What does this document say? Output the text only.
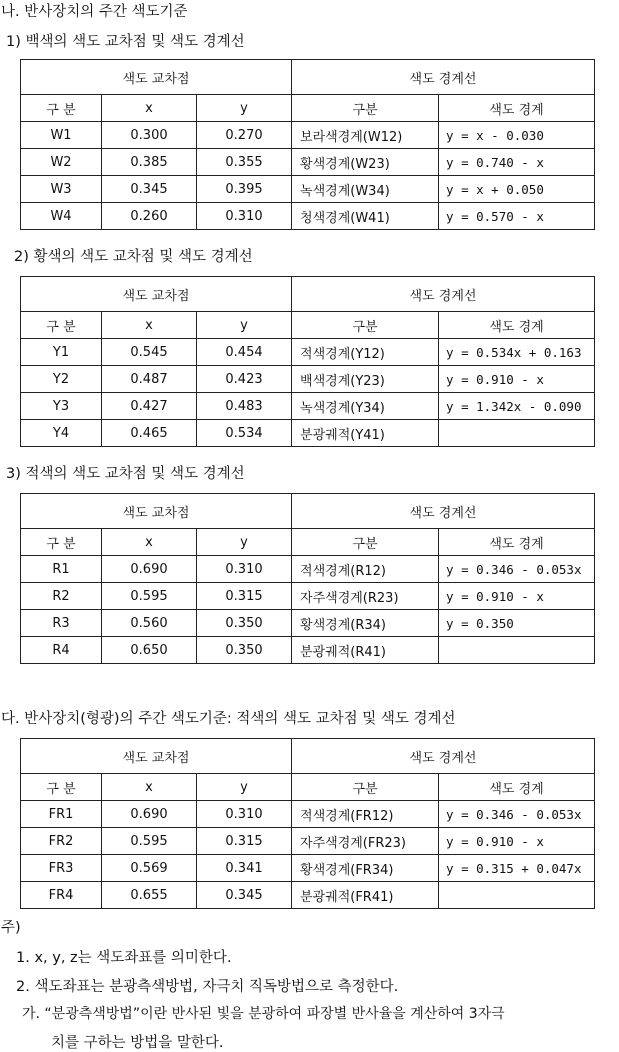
나. 반사장치의 주간 색도기준
1) 백색의 색도 교차점 및 색도 경계선
색도 교차점			색도 경계선	
구 분	x	y	구분	색도 경계
W1	0.300	0.270	보라색경계(W12)	y = x - 0.030
W2	0.385	0.355	황색경계(W23)	y = 0.740 - x
W3	0.345	0.395	녹색경계(W34)	y = x + 0.050
W4	0.260	0.310	청색경계(W41)	y = 0.570 - x
2) 황색의 색도 교차점 및 색도 경계선
색도 교차점			색도 경계선	
구 분	x	y	구분	색도 경계
Y1	0.545	0.454	적색경계(Y12)	y = 0.534x + 0.163
Y2	0.487	0.423	백색경계(Y23)	y = 0.910 - x
Y3	0.427	0.483	녹색경계(Y34)	y = 1.342x - 0.090
Y4	0.465	0.534	분광궤적(Y41)	
3) 적색의 색도 교차점 및 색도 경계선
색도 교차점			색도 경계선	
구 분	x	y	구분	색도 경계
R1	0.690	0.310	적색경계(R12)	y = 0.346 - 0.053x
R2	0.595	0.315	자주색경계(R23)	y = 0.910 - x
R3	0.560	0.350	황색경계(R34)	y = 0.350
R4	0.650	0.350	분광궤적(R41)	
다. 반사장치(형광)의 주간 색도기준: 적색의 색도 교차점 및 색도 경계선
색도 교차점			색도 경계선	
구 분	x	y	구분	색도 경계
FR1	0.690	0.310	적색경계(FR12)	y = 0.346 - 0.053x
FR2	0.595	0.315	자주색경계(FR23)	y = 0.910 - x
FR3	0.569	0.341	황색경계(FR34)	y = 0.315 + 0.047x
FR4	0.655	0.345	분광궤적(FR41)	
주)
1. x, y, z는 색도좌표를 의미한다.
2. 색도좌표는 분광측색방법, 자극치 직독방법으로 측정한다.
가. “분광측색방법”이란 반사된 빛을 분광하여 파장별 반사율을 계산하여 3자극
치를 구하는 방법을 말한다.
